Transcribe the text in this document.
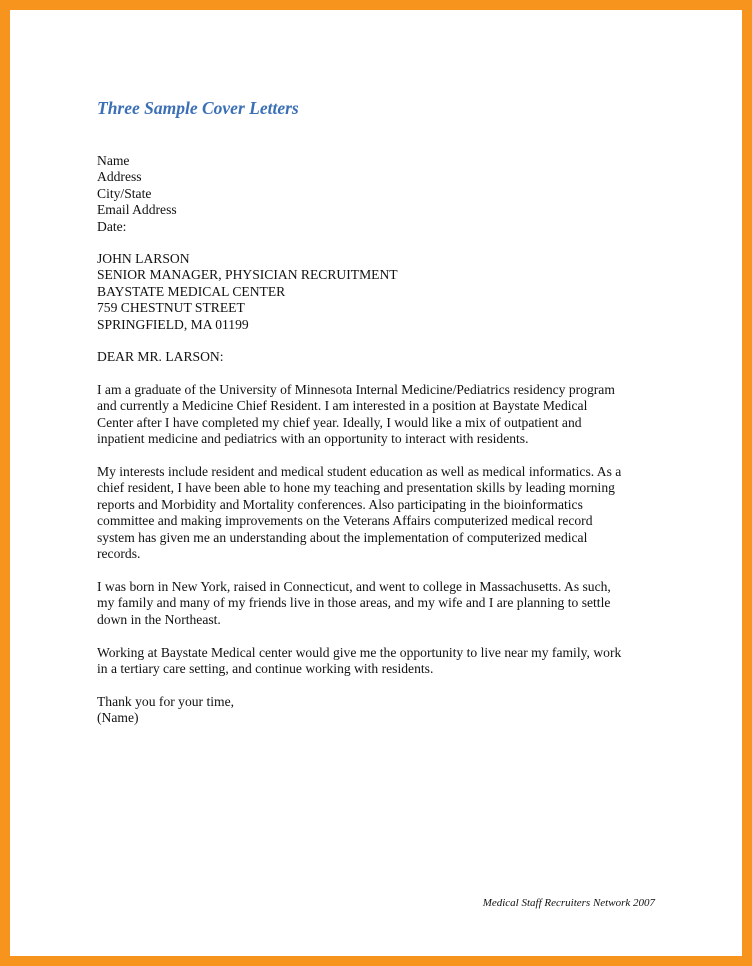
Three Sample Cover Letters
Name
Address
City/State
Email Address
Date:
JOHN LARSON
SENIOR MANAGER, PHYSICIAN RECRUITMENT
BAYSTATE MEDICAL CENTER
759 CHESTNUT STREET
SPRINGFIELD, MA 01199
DEAR MR. LARSON:
I am a graduate of the University of Minnesota Internal Medicine/Pediatrics residency program
and currently a Medicine Chief Resident. I am interested in a position at Baystate Medical
Center after I have completed my chief year. Ideally, I would like a mix of outpatient and
inpatient medicine and pediatrics with an opportunity to interact with residents.
My interests include resident and medical student education as well as medical informatics. As a
chief resident, I have been able to hone my teaching and presentation skills by leading morning
reports and Morbidity and Mortality conferences. Also participating in the bioinformatics
committee and making improvements on the Veterans Affairs computerized medical record
system has given me an understanding about the implementation of computerized medical
records.
I was born in New York, raised in Connecticut, and went to college in Massachusetts. As such,
my family and many of my friends live in those areas, and my wife and I are planning to settle
down in the Northeast.
Working at Baystate Medical center would give me the opportunity to live near my family, work
in a tertiary care setting, and continue working with residents.
Thank you for your time,
(Name)
Medical Staff Recruiters Network 2007
